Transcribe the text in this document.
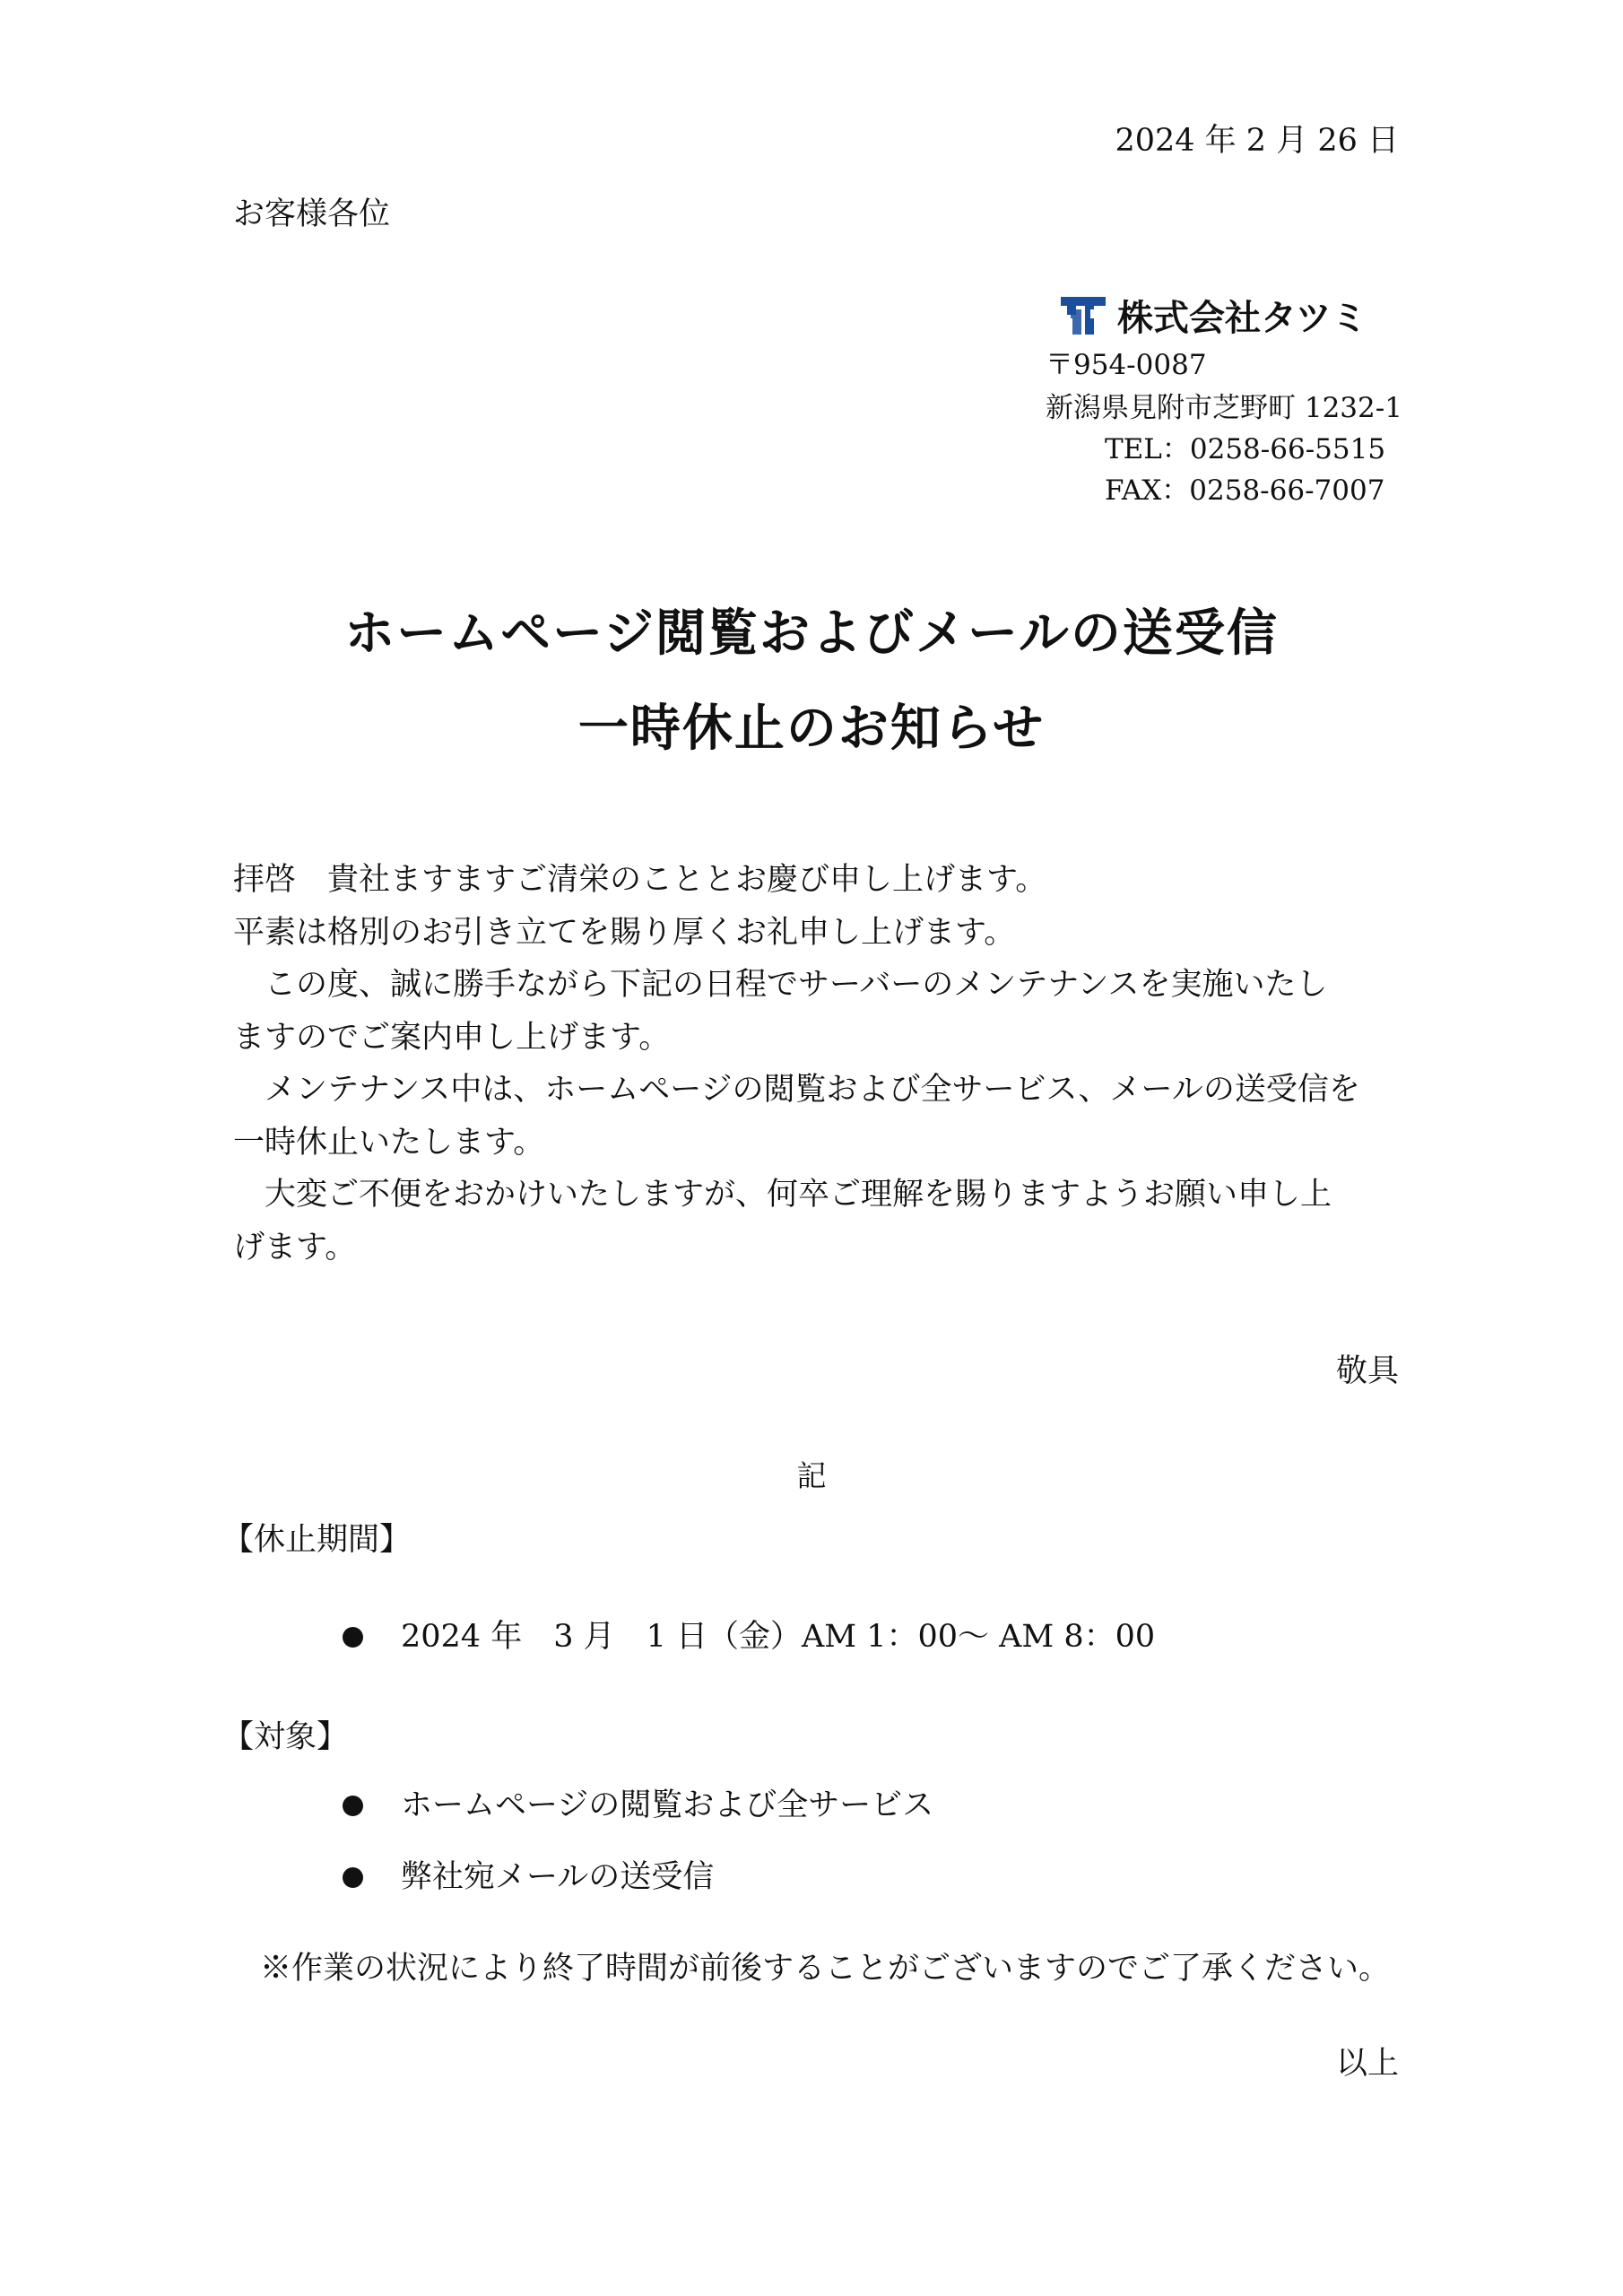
2024 年 2 月 26 日
お客様各位
株式会社タツミ
〒954-0087
新潟県見附市芝野町 1232-1
TEL：0258-66-5515
FAX：0258-66-7007
ホームページ閲覧およびメールの送受信
一時休止のお知らせ

拝啓　貴社ますますご清栄のこととお慶び申し上げます。

平素は格別のお引き立てを賜り厚くお礼申し上げます。

　この度、誠に勝手ながら下記の日程でサーバーのメンテナンスを実施いたし

ますのでご案内申し上げます。

　メンテナンス中は、ホームページの閲覧および全サービス、メールの送受信を

一時休止いたします。

　大変ご不便をおかけいたしますが、何卒ご理解を賜りますようお願い申し上

げます。

敬具
記
【休止期間】
2024 年　3 月　1 日（金）AM 1：00～ AM 8：00
【対象】
ホームページの閲覧および全サービス
弊社宛メールの送受信
※作業の状況により終了時間が前後することがございますのでご了承ください。
以上
